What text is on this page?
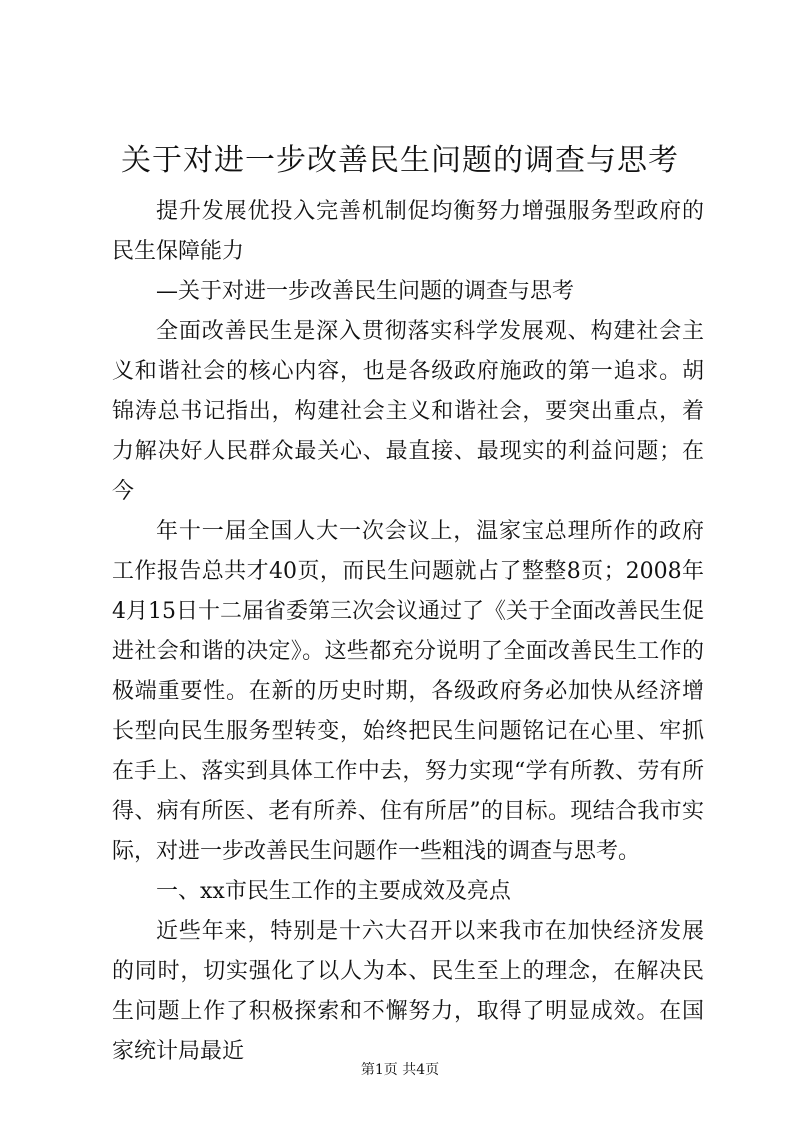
关于对进一步改善民生问题的调查与思考

提升发展优投入完善机制促均衡努力增强服务型政府的民生保障能力

—关于对进一步改善民生问题的调查与思考

全面改善民生是深入贯彻落实科学发展观、构建社会主义和谐社会的核心内容，也是各级政府施政的第一追求。胡锦涛总书记指出，构建社会主义和谐社会，要突出重点，着力解决好人民群众最关心、最直接、最现实的利益问题；在今

年十一届全国人大一次会议上，温家宝总理所作的政府工作报告总共才40页，而民生问题就占了整整8页；2008年4月15日十二届省委第三次会议通过了《关于全面改善民生促进社会和谐的决定》。这些都充分说明了全面改善民生工作的极端重要性。在新的历史时期，各级政府务必加快从经济增长型向民生服务型转变，始终把民生问题铭记在心里、牢抓在手上、落实到具体工作中去，努力实现“学有所教、劳有所得、病有所医、老有所养、住有所居”的目标。现结合我市实际，对进一步改善民生问题作一些粗浅的调查与思考。

一、xx市民生工作的主要成效及亮点

近些年来，特别是十六大召开以来我市在加快经济发展的同时，切实强化了以人为本、民生至上的理念，在解决民生问题上作了积极探索和不懈努力，取得了明显成效。在国家统计局最近

第1页 共4页
